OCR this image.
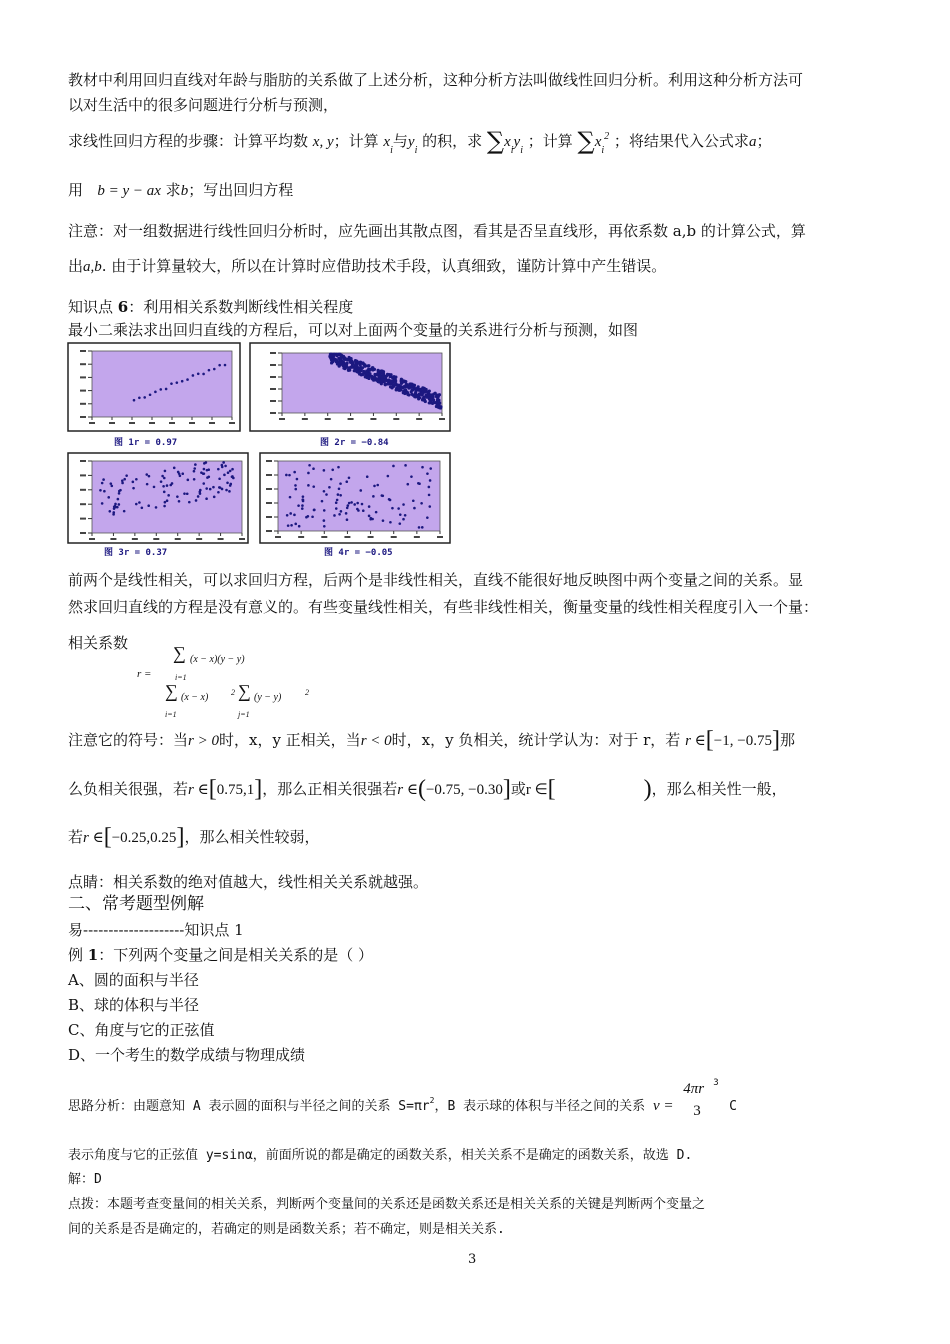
教材中利用回归直线对年龄与脂肪的关系做了上述分析，这种分析方法叫做线性回归分析。利用这种分析方法可
以对生活中的很多问题进行分析与预测，
求线性回归方程的步骤：计算平均数 x, y；计算 $x_i$与$y_i$ 的积，求 $\sum x_iy_i$ ；计算 $\sum x_i^2$ ；将结果代入公式求a；
用 b = y − ax 求b；写出回归方程
注意：对一组数据进行线性回归分析时，应先画出其散点图，看其是否呈直线形，再依系数 a,b 的计算公式，算
出a,b. 由于计算量较大，所以在计算时应借助技术手段，认真细致，谨防计算中产生错误。
知识点 6：利用相关系数判断线性相关程度
最小二乘法求出回归直线的方程后，可以对上面两个变量的关系进行分析与预测，如图
图 1r = 0.97	图 2r = −0.84
图 3r = 0.37	图 4r = −0.05
前两个是线性相关，可以求回归方程，后两个是非线性相关，直线不能很好地反映图中两个变量之间的关系。显
然求回归直线的方程是没有意义的。有些变量线性相关，有些非线性相关，衡量变量的线性相关程度引入一个量：
相关系数
r =
∑ (x − x)(y − y)
i=1
∑ (x − x)	2 ∑ (y − y)	2
i=1	j=1
注意它的符号：当r > 0时，x，y 正相关，当r < 0时，x，y 负相关，统计学认为：对于 r，若 r ∈[−1, −0.75]那
么负相关很强，若r ∈[0.75,1]，那么正相关很强若r ∈(−0.75, −0.30]或r ∈[	)，那么相关性一般，
若r ∈[−0.25,0.25]，那么相关性较弱，
点睛：相关系数的绝对值越大，线性相关关系就越强。
二、常考题型例解
易--------------------知识点 1
例 1：下列两个变量之间是相关关系的是（ ）
A、圆的面积与半径
B、球的体积与半径
C、角度与它的正弦值
D、一个考生的数学成绩与物理成绩
思路分析：由题意知 A 表示圆的面积与半径之间的关系 $S=\pi r^2$，B 表示球的体积与半径之间的关系 v =
4πr 3
3 C
表示角度与它的正弦值 y=sinα，前面所说的都是确定的函数关系，相关关系不是确定的函数关系，故选 D.
解：D
点拨：本题考查变量间的相关关系，判断两个变量间的关系还是函数关系还是相关关系的关键是判断两个变量之
间的关系是否是确定的，若确定的则是函数关系；若不确定，则是相关关系.
3
